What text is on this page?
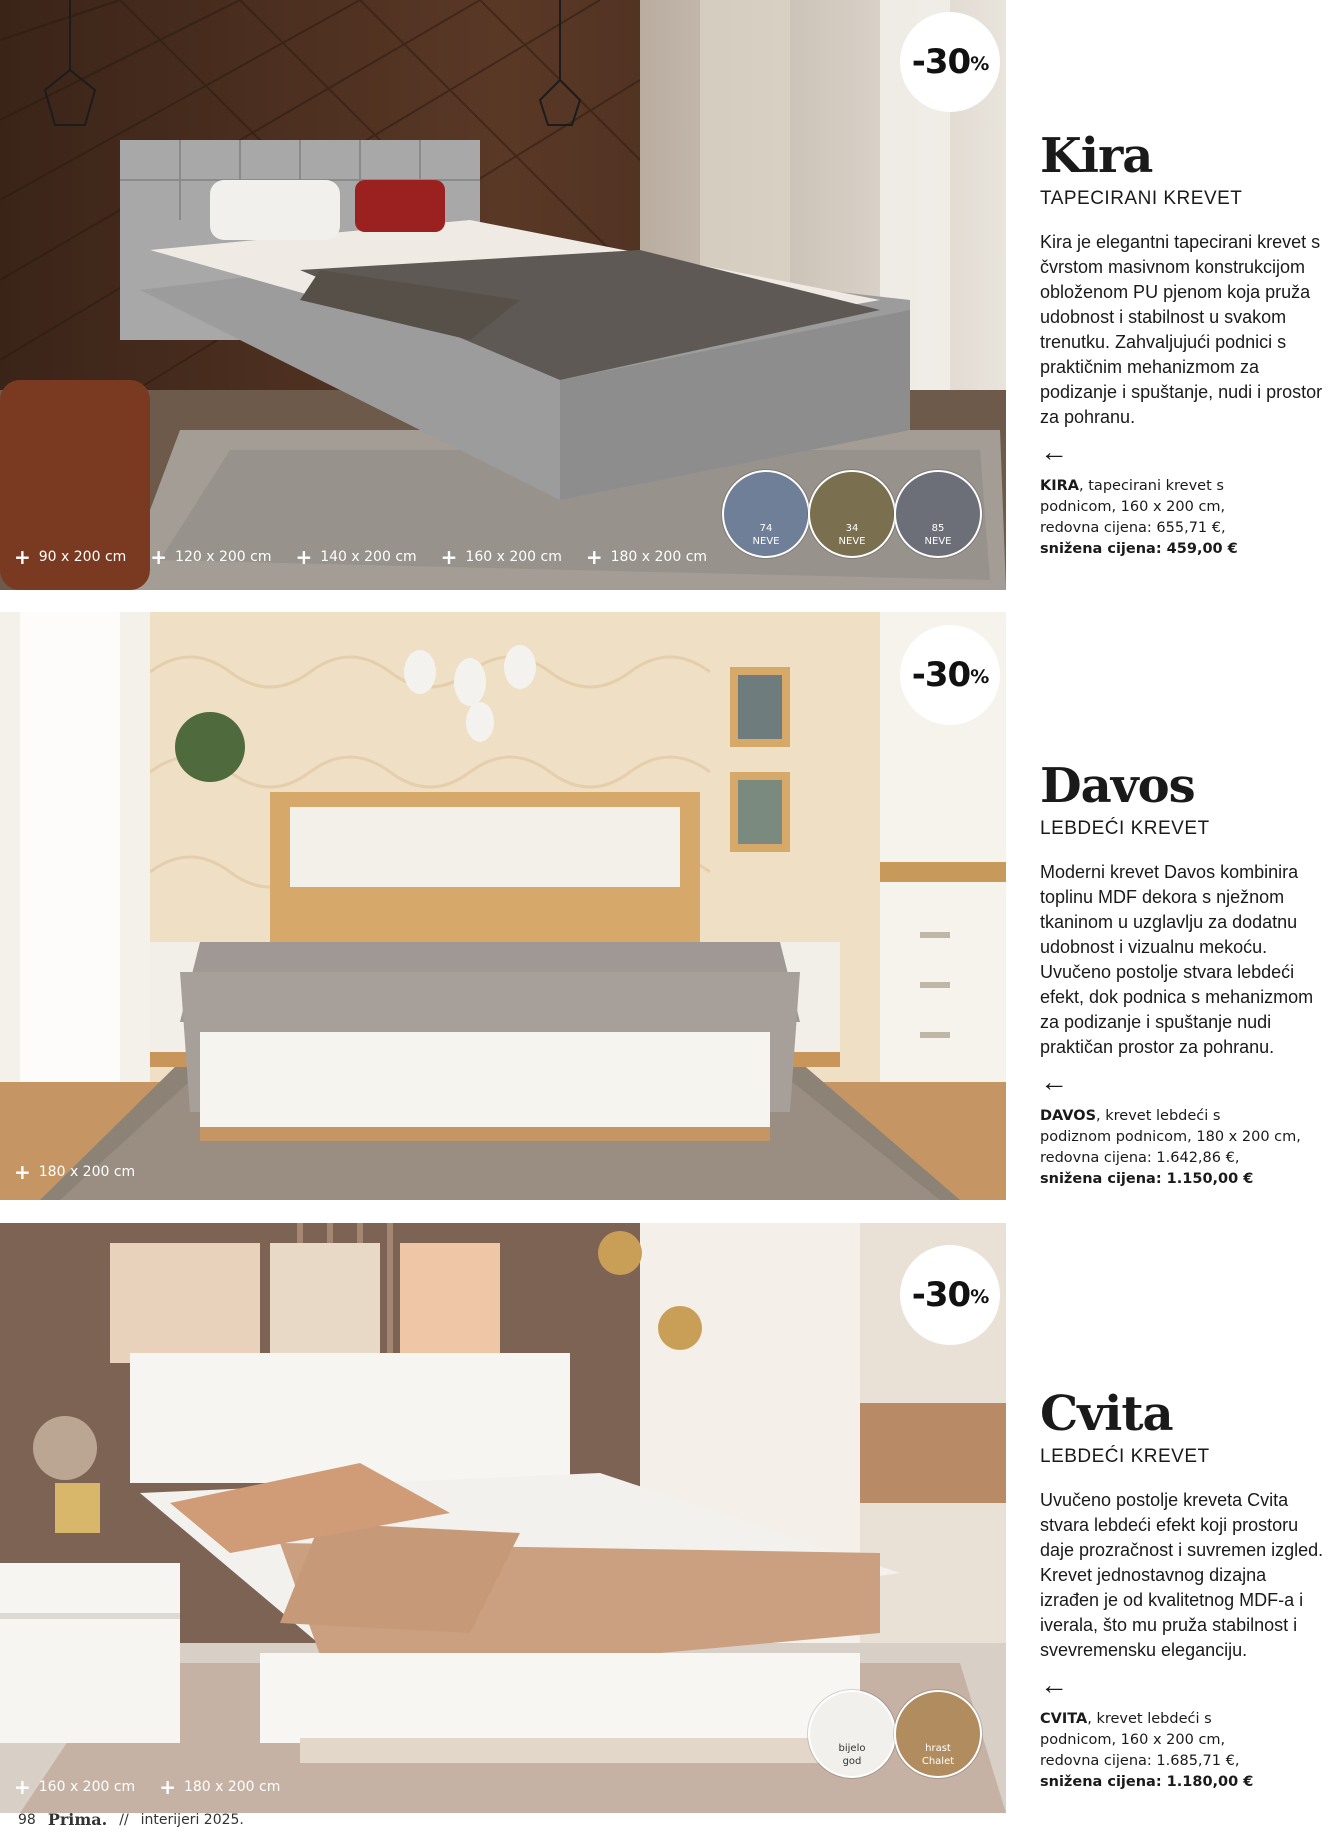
-30 %
+ 90 x 200 cm + 120 x 200 cm + 140 x 200 cm + 160 x 200 cm + 180 x 200 cm
74
NEVE
34
NEVE
85
NEVE
Kira
TAPECIRANI KREVET
Kira je elegantni tapecirani krevet s čvrstom masivnom konstrukcijom obloženom PU pjenom koja pruža udobnost i stabilnost u svakom trenutku. Zahvaljujući podnici s praktičnim mehanizmom za podizanje i spuštanje, nudi i prostor za pohranu.
←
KIRA, tapecirani krevet s
podnicom, 160 x 200 cm,
redovna cijena: 655,71 €,
snižena cijena: 459,00 €
-30 %
+ 180 x 200 cm
Davos
LEBDEĆI KREVET
Moderni krevet Davos kombinira toplinu MDF dekora s nježnom tkaninom u uzglavlju za dodatnu udobnost i vizualnu mekoću. Uvučeno postolje stvara lebdeći efekt, dok podnica s mehanizmom za podizanje i spuštanje nudi praktičan prostor za pohranu.
←
DAVOS, krevet lebdeći s
podiznom podnicom, 180 x 200 cm,
redovna cijena: 1.642,86 €,
snižena cijena: 1.150,00 €
-30 %
+ 160 x 200 cm + 180 x 200 cm
bijelo
god
hrast
Chalet
Cvita
LEBDEĆI KREVET
Uvučeno postolje kreveta Cvita stvara lebdeći efekt koji prostoru daje prozračnost i suvremen izgled. Krevet jednostavnog dizajna izrađen je od kvalitetnog MDF-a i iverala, što mu pruža stabilnost i svevremensku eleganciju.
←
CVITA, krevet lebdeći s
podnicom, 160 x 200 cm,
redovna cijena: 1.685,71 €,
snižena cijena: 1.180,00 €
98 Prima. // interijeri 2025.
